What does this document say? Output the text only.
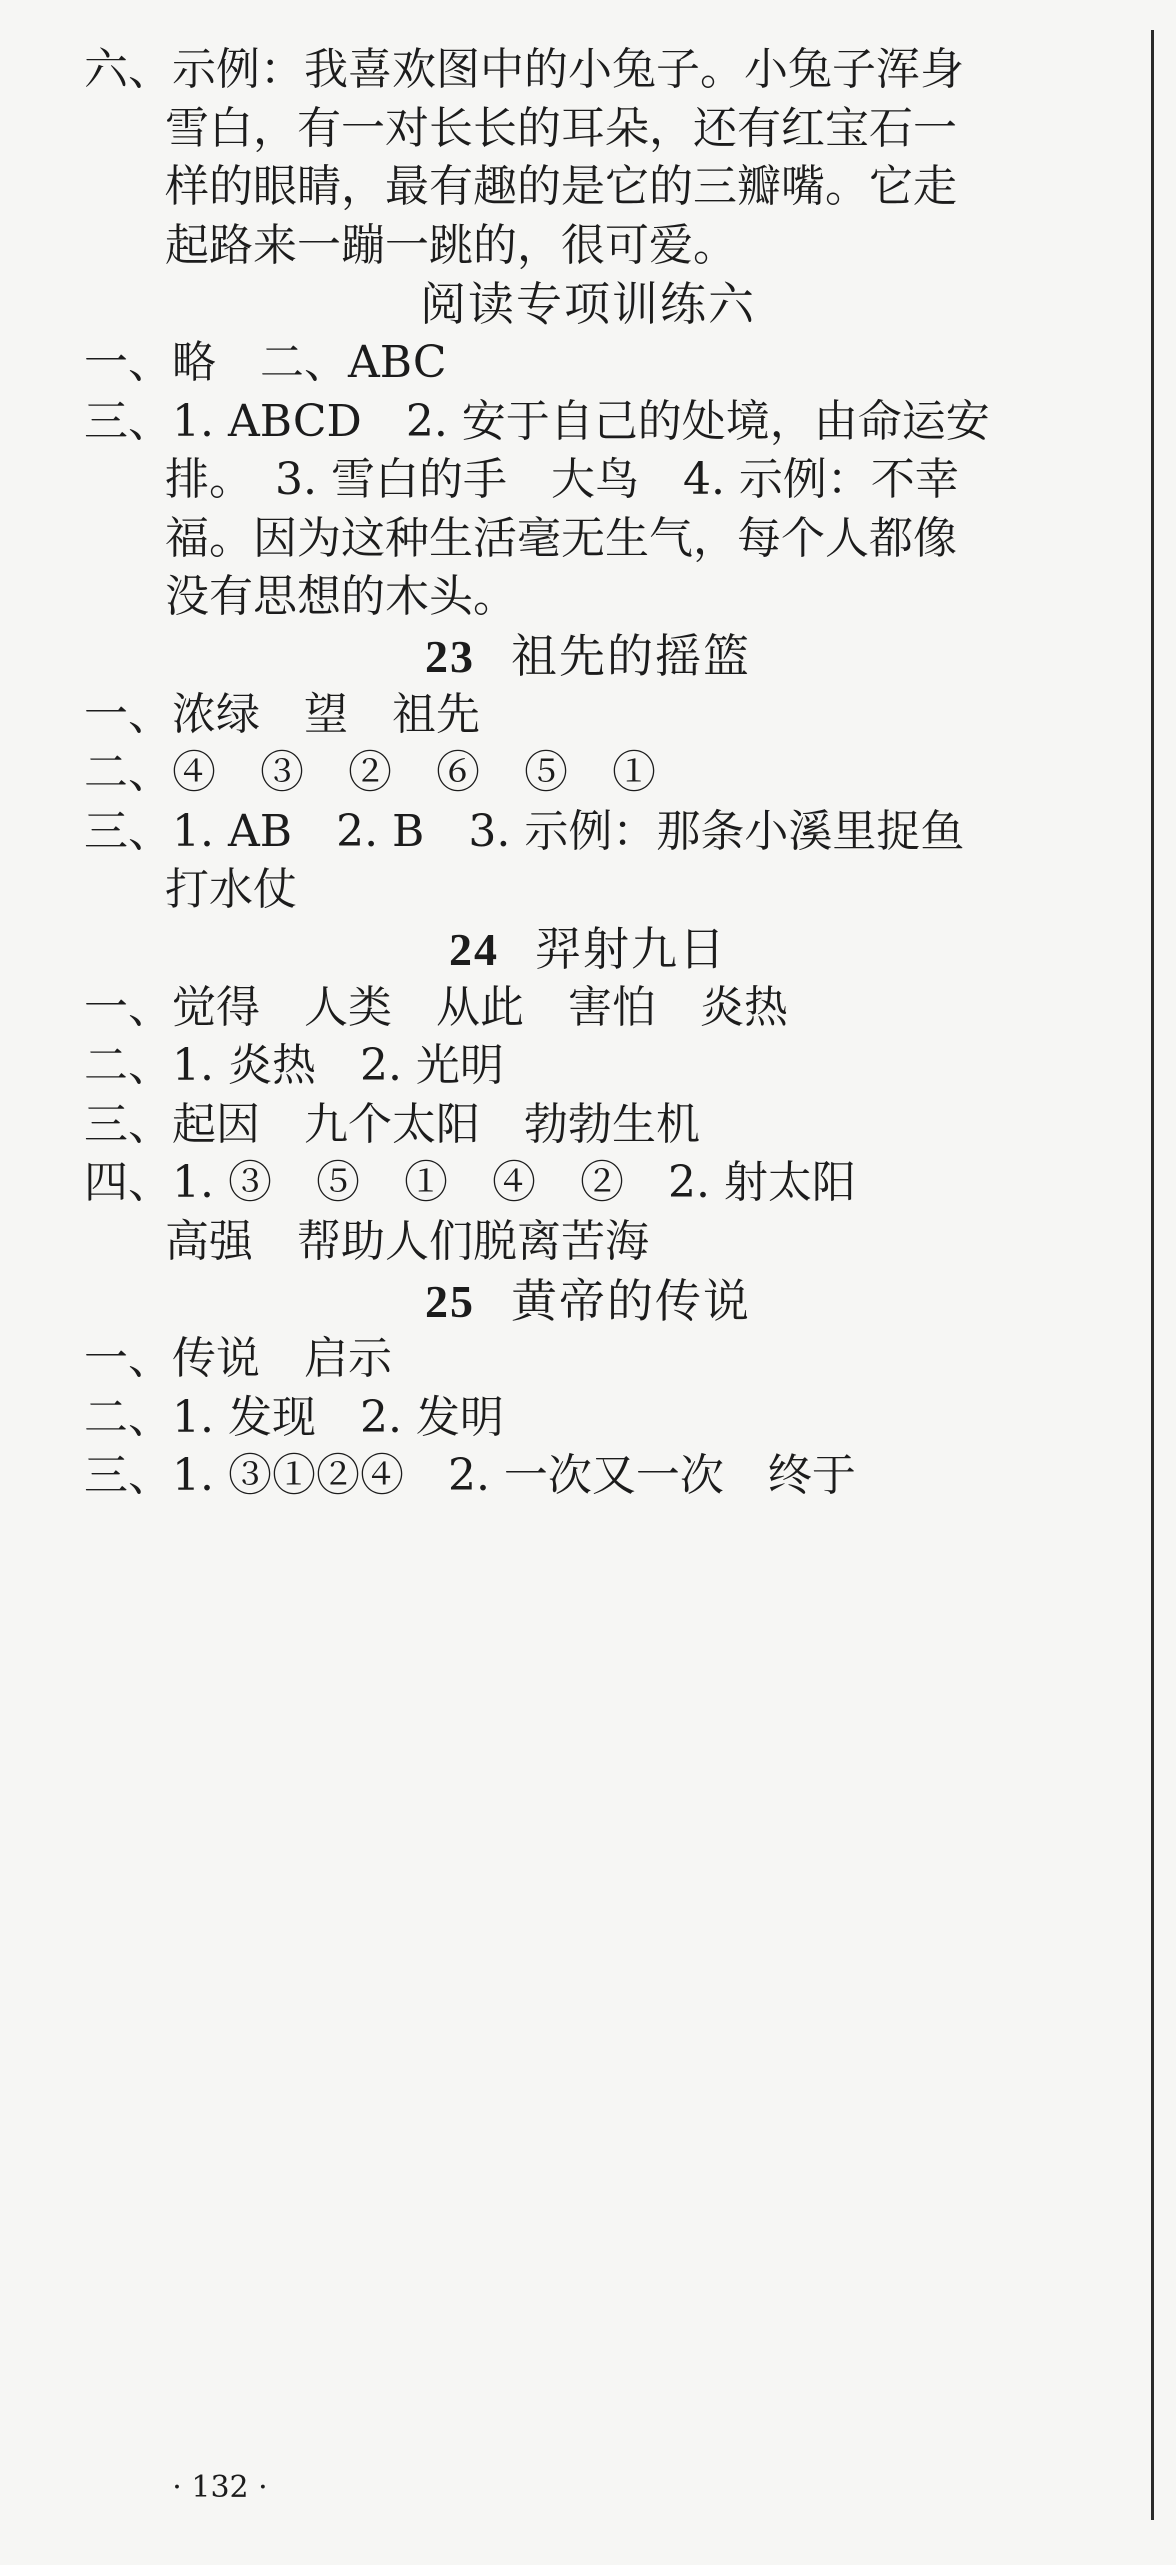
六、示例：我喜欢图中的小兔子。小兔子浑身
雪白，有一对长长的耳朵，还有红宝石一
样的眼睛，最有趣的是它的三瓣嘴。它走
起路来一蹦一跳的，很可爱。
阅读专项训练六
一、略　二、ABC
三、1. ABCD　2. 安于自己的处境，由命运安
排。　3. 雪白的手　大鸟　4. 示例：不幸
福。因为这种生活毫无生气，每个人都像
没有思想的木头。
23 祖先的摇篮
一、浓绿　望　祖先
二、④　③　②　⑥　⑤　①
三、1. AB　2. B　3. 示例：那条小溪里捉鱼
打水仗
24 羿射九日
一、觉得　人类　从此　害怕　炎热
二、1. 炎热　2. 光明
三、起因　九个太阳　勃勃生机
四、1. ③　⑤　①　④　②　2. 射太阳
高强　帮助人们脱离苦海
25 黄帝的传说
一、传说　启示
二、1. 发现　2. 发明
三、1. ③①②④　2. 一次又一次　终于
· 132 ·
